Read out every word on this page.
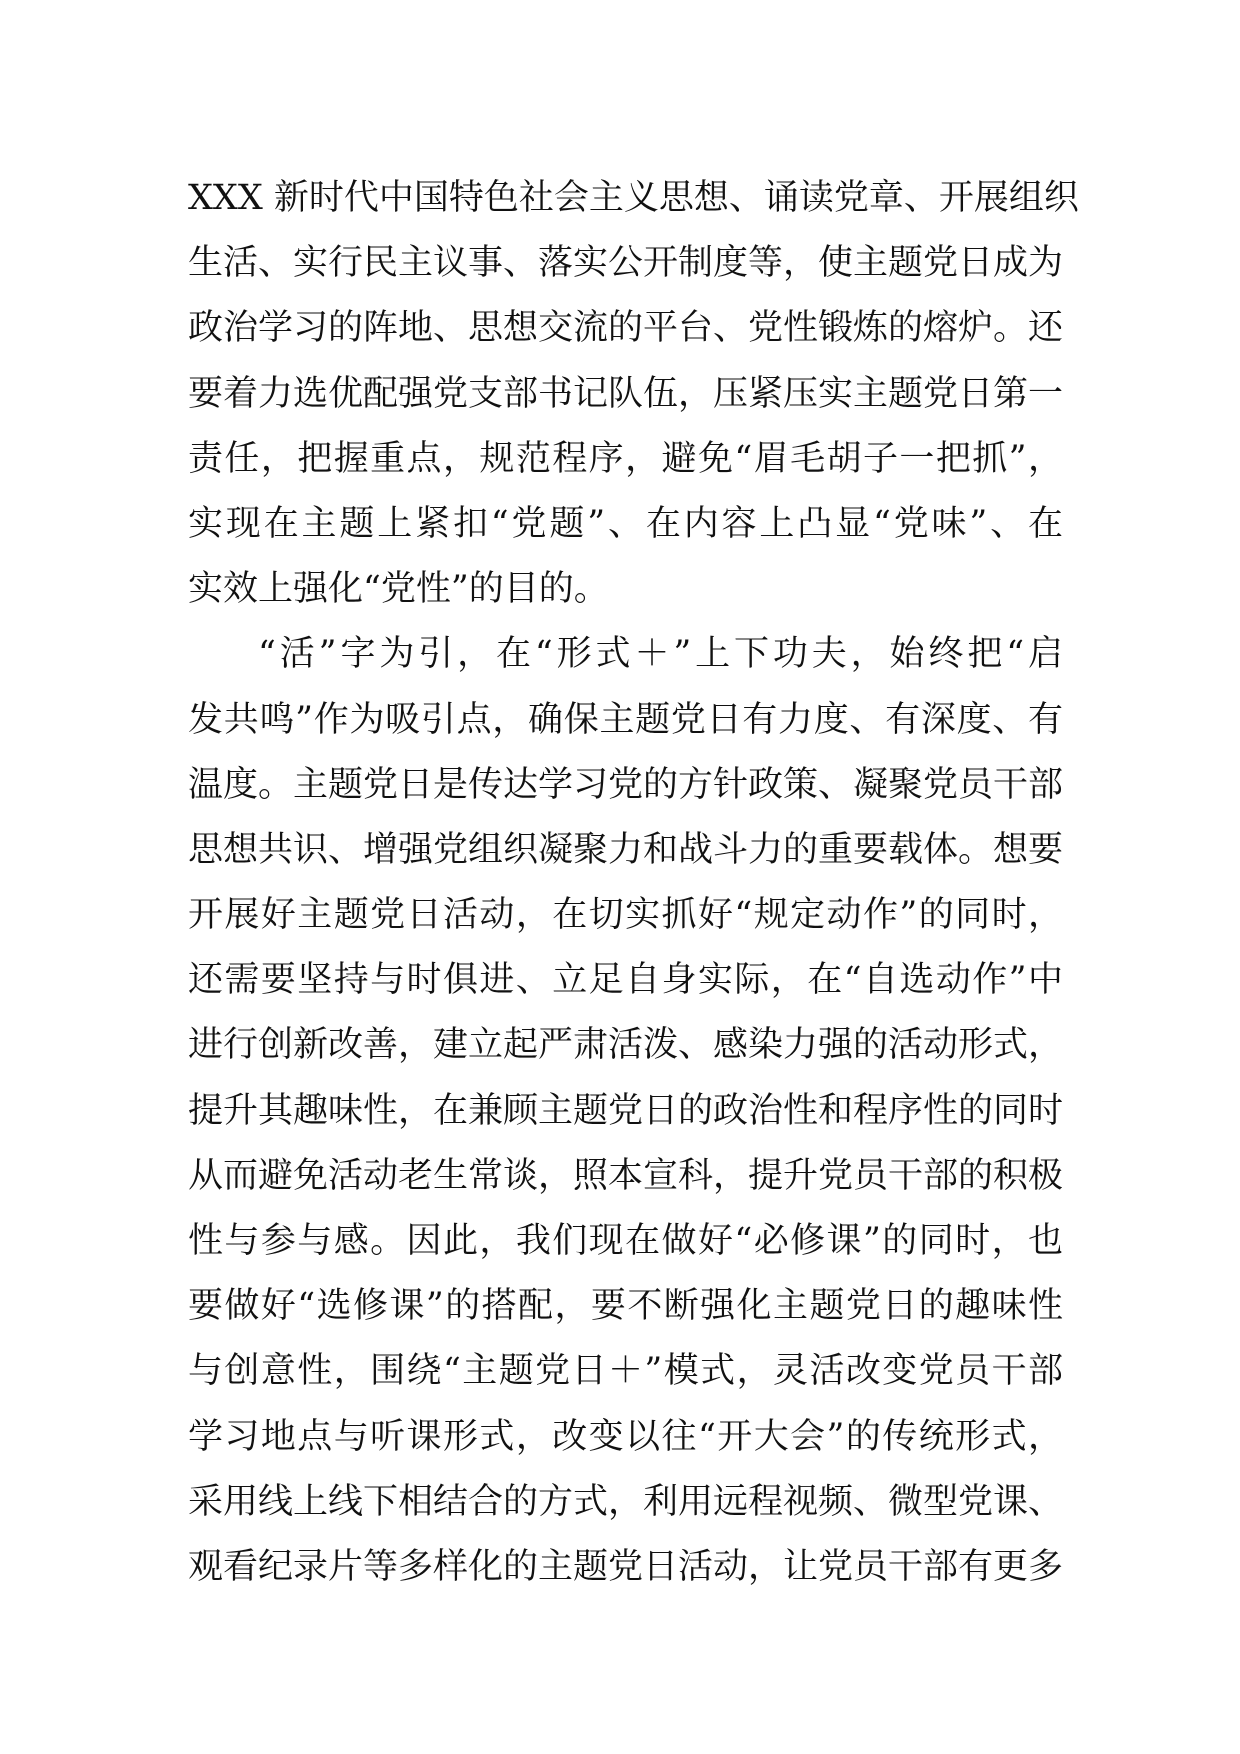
XXX 新时代中国特色社会主义思想、诵读党章、开展组织
生活、实行民主议事、落实公开制度等，使主题党日成为
政治学习的阵地、思想交流的平台、党性锻炼的熔炉。还
要着力选优配强党支部书记队伍，压紧压实主题党日第一
责任，把握重点，规范程序，避免“眉毛胡子一把抓”，
实现在主题上紧扣“党题”、在内容上凸显“党味”、在
实效上强化“党性”的目的。
“活”字为引，在“形式＋”上下功夫，始终把“启
发共鸣”作为吸引点，确保主题党日有力度、有深度、有
温度。主题党日是传达学习党的方针政策、凝聚党员干部
思想共识、增强党组织凝聚力和战斗力的重要载体。想要
开展好主题党日活动，在切实抓好“规定动作”的同时，
还需要坚持与时俱进、立足自身实际，在“自选动作”中
进行创新改善，建立起严肃活泼、感染力强的活动形式，
提升其趣味性，在兼顾主题党日的政治性和程序性的同时
从而避免活动老生常谈，照本宣科，提升党员干部的积极
性与参与感。因此，我们现在做好“必修课”的同时，也
要做好“选修课”的搭配，要不断强化主题党日的趣味性
与创意性，围绕“主题党日＋”模式，灵活改变党员干部
学习地点与听课形式，改变以往“开大会”的传统形式，
采用线上线下相结合的方式，利用远程视频、微型党课、
观看纪录片等多样化的主题党日活动，让党员干部有更多
